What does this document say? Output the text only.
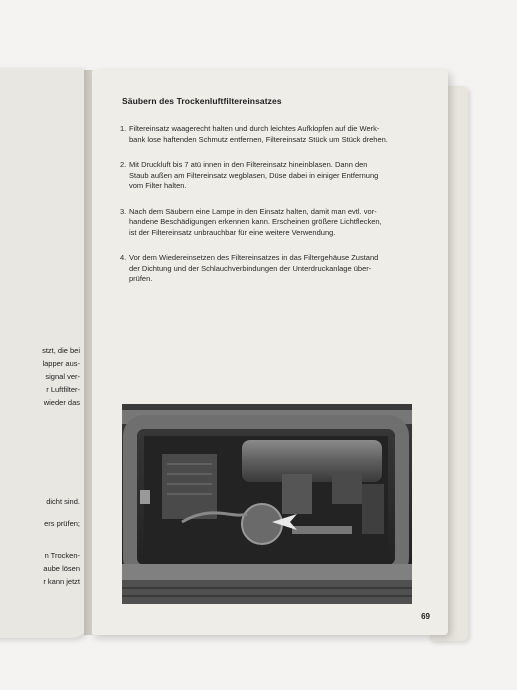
stzt, die bei
lapper aus-
signal ver-
r Luftfilter-
wieder das
dicht sind.
ers prüfen;
n Trocken-
aube lösen
r kann jetzt
Säubern des Trockenluftfiltereinsatzes
1. Filtereinsatz waagerecht halten und durch leichtes Aufklopfen auf die Werk-
bank lose haftenden Schmutz entfernen, Filtereinsatz Stück um Stück drehen.
2. Mit Druckluft bis 7 atü innen in den Filtereinsatz hineinblasen. Dann den
Staub außen am Filtereinsatz wegblasen, Düse dabei in einiger Entfernung
vom Filter halten.
3. Nach dem Säubern eine Lampe in den Einsatz halten, damit man evtl. vor-
handene Beschädigungen erkennen kann. Erscheinen größere Lichtflecken,
ist der Filtereinsatz unbrauchbar für eine weitere Verwendung.
4. Vor dem Wiedereinsetzen des Filtereinsatzes in das Filtergehäuse Zustand
der Dichtung und der Schlauchverbindungen der Unterdruckanlage über-
prüfen.
69
